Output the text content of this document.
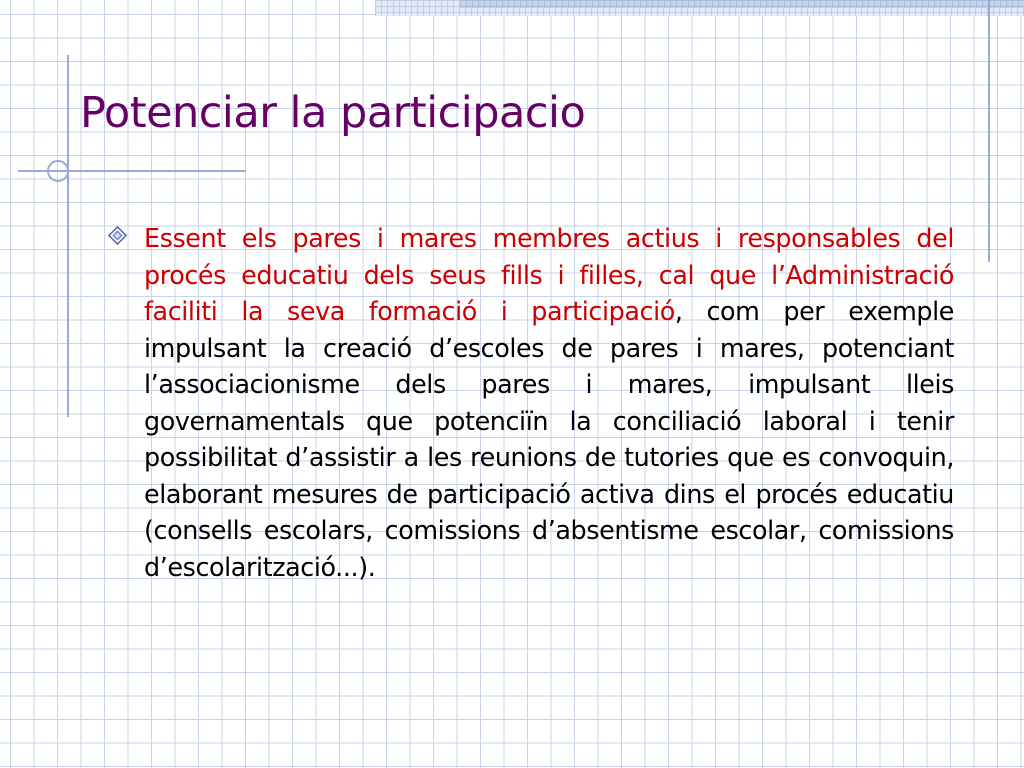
Potenciar la participacio

Essent els pares i mares membres actius i responsables del procés educatiu dels seus fills i filles, cal que l’Administració faciliti la seva formació i participació, com per exemple impulsant la creació d’escoles de pares i mares, potenciant l’associacionisme dels pares i mares, impulsant lleis governamentals que potenciïn la conciliació laboral i tenir possibilitat d’assistir a les reunions de tutories que es convoquin, elaborant mesures de participació activa dins el procés educatiu (consells escolars, comissions d’absentisme escolar, comissions d’escolarització...).
